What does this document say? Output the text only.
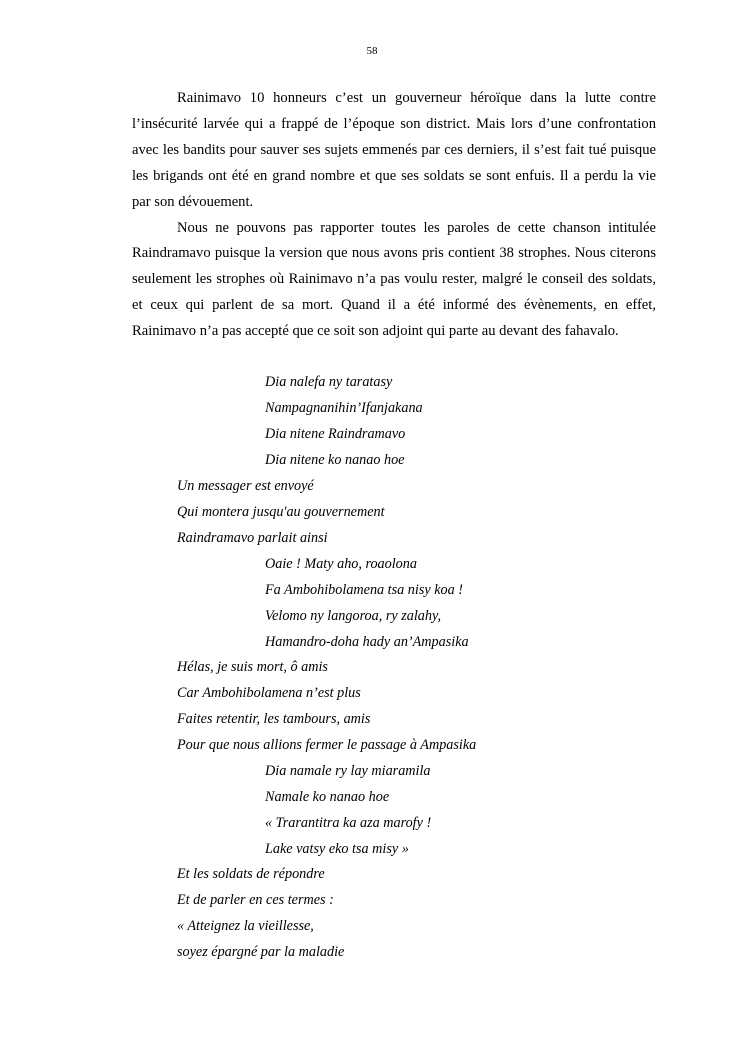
58

Rainimavo 10 honneurs c’est un gouverneur héroïque dans la lutte contre l’insécurité larvée qui a frappé de l’époque son district. Mais lors d’une confrontation avec les bandits pour sauver ses sujets emmenés par ces derniers, il s’est fait tué puisque les brigands ont été en grand nombre et que ses soldats se sont enfuis. Il a perdu la vie par son dévouement.

Nous ne pouvons pas rapporter toutes les paroles de cette chanson intitulée Raindramavo puisque la version que nous avons pris contient 38 strophes. Nous citerons seulement les strophes où Rainimavo n’a pas voulu rester, malgré le conseil des soldats, et ceux qui parlent de sa mort. Quand il a été informé des évènements, en effet, Rainimavo n’a pas accepté que ce soit son adjoint qui parte au devant des fahavalo.

Dia nalefa ny taratasy
Nampagnanihin’Ifanjakana
Dia nitene Raindramavo
Dia nitene ko nanao hoe
Un messager est envoyé
Qui montera jusqu'au gouvernement
Raindramavo parlait ainsi
Oaie ! Maty aho, roaolona
Fa Ambohibolamena tsa nisy koa !
Velomo ny langoroa, ry zalahy,
Hamandro-doha hady an’Ampasika
Hélas, je suis mort, ô amis
Car Ambohibolamena n’est plus
Faites retentir, les tambours, amis
Pour que nous allions fermer le passage à Ampasika
Dia namale ry lay miaramila
Namale ko nanao hoe
« Trarantitra ka aza marofy !
Lake vatsy eko tsa misy »
Et les soldats de répondre
Et de parler en ces termes :
« Atteignez la vieillesse,
soyez épargné par la maladie
